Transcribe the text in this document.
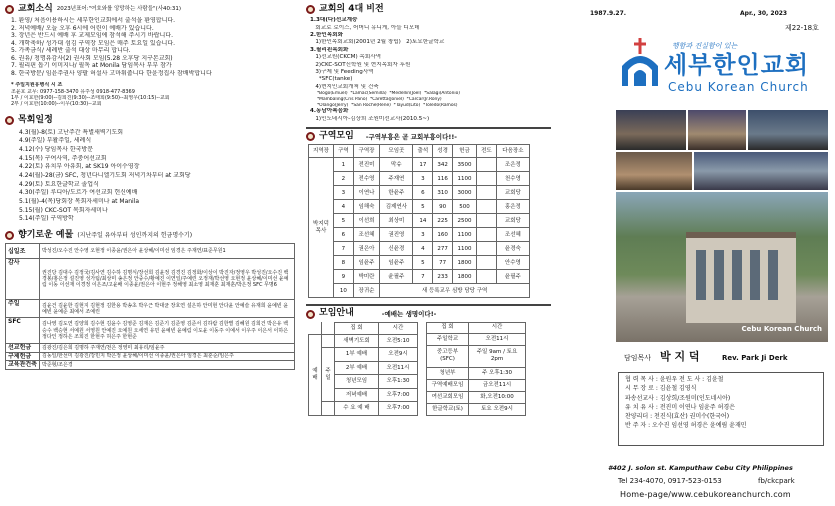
교회소식 2023년표어:"여호와를 앙망하는 사람들"(사40:31)
1. 환영/ 처음이용하시는 세부한인교회에서 출석을 환영합니다.
2. 저녁예배/ 오늘 오후 6시에 어린이 예배가 있습니다.
3. 장년은 반드시 예배 후 교제모임에 참석해 주시기 바랍니다.
4. 개학축하/ 성가대 섬김 구역장 모임은 매주 토요일 있습니다.
5. 가족금식/ 세례반 출석 대상 마무리 합니다.
6. 권유/ 청명유감사(2) 권사회 모임(5.28 오후당 지구본교회)
7. 필리핀 돕기 이미지나/ 필독 at Monila 담임목사 부부 참가
8. 한국방문/ 임윤주권사 양팔 허설사 고마워줍니다 한윤정집사 참배박합니다
* 주일지원유병식 시 조
조윤호 교무: 0977-158-3470 유주성 0918-477-8369
1부 / 이효한(9:00)--김희진(9:30)--조태희(9:50)--최영우(10:15)--교회
2부 / 이효한(10:00)--이우(10:30)--교회
목회일정
4.3(월)-8(토) 고난주간 특별새벽기도회
4.9(주일) 부활주일, 세례식
4.12(수) 당임목사 한국방문
4.15(목) 구여사역, 주중어선교회
4.22(토) 유치부 아유회, at SK19 아이수영장
4.24(월)-28(금) SFC, 청년다니엘기도회 저녁기차부터 at 교회당
4.29(토) 토요한글학교 졸업식
4.30(주일) 루디아/도르가 여선교회 헌신예배
5.1(월)-4(목)당회장 목회자세미나 at Manila
5.15(월) CKC-SOT 목회자세미나
5.14(주일) 구역방학
향기로운 예물 (지난주일 유아부터 성인까지의 헌금명수기)
십일조	박성진/오수진 안수영 오현정 이종윤/권은아 윤상혜/이미선 임경은 주재연/표준무원1
감사	권진당 김대수 김정국/김사연 김수하 김명식/장선희 김윤정 김경진 김정화/이상이 박진자/정영우 박성진/오수진 백경봉/홍은정 설진영 성가팀/최상미 송은정 안중수/황예진 이연일/주예린 오정재/박선영 오현정 윤상혜/이미선 윤예림 이동 이선재 이경정 이은조/고윤배 이종윤/권은아 이현주 정해영 최소영 최재훈 최재훈/박은정 SFC 무명6
주일	김윤건 김윤한 김현지 김현정 김한용 박송초 박우근 박대균 장호연 설은하 안미현 안다윤 안예슬 유재희 윤예빈 윤예빈 윤예준 최예서 조예린
SFC	김나영 김도연 김양희 김수현 김윤수 김영준 김재은 김준기 김준영 김준서 김하람 김한별 김혜원 김희건 박은유 백승수 백승현 서예원 서영원 안예진 오예원 오세연 유민 윤예빈 윤예림 이도윤 이동주 이예서 이우주 이은서 이하은 정다인 정하은 조희진 한현주 허은주 한현준
선교헌금	김광진/김은희 김명하 주재연/천은 정영미 최유리/임윤주
구제헌금	김동일/한선미 김광진/강민지 박은정 윤상혜/이미선 이종윤/권은아 임경은 최훈순/임은주
교육관건축	박준형/조은경
교회의 4대 비전
1.3대(다)선교계승
회교로 로이스, 어머니 유니게, 아들 디모데
2.한인목회화
1)한인목회교회(2001년 2월 창립)   2)토요한글학교
3.필리핀목회화
1)선교원(CKCM) 목회사역
2)CKC-SOT신학원 및 현지목회자 후원
3)구제 및 Feeding사역
*SFC(tanke)
4)현지인교회개척 및 건축
*Bogo(Emuel)  *Lamac(Semilla)  *Medellin(Joel)  *Salagi(Antonio)
*Mambaling(Cris Pano)  *Caretta(Joniel)  *Carcar(Jr.Rony)
*Olango(Jerry)  *San Roche(Rene)  *Tayud(Lito)  *Toledo(Ramos)
4.동남아복음화
1)인도네시아-김상희 조원미선교사(2010.5~)
구역모임 -구역부흥은 곧 교회부흥이다!!-
지역장	구역	구역장	모임곳	출석	성경	헌금	전도	다음장소
박지덕 목사	1	전진미	막슈	17	342	3500		조은정
	2	전수영	주재연	3	116	1100		천수영
	3	이연나	한윤주	6	310	3000		교회당
	4	임해숙	김제연사	5	90	500		홍은정
	5	이선희	최상미	14	225	2500		교회당
	6	조선혜	권진영	3	160	1100		조선혜
	7	권은아	신윤경	4	277	1100		윤경숙
	8	임윤주	임윤주	5	77	1800		안수영
	9	박미란	윤필주	7	233	1800		윤필주
	10	장귀순	새 등록교우 심방 담당 구역					
모임안내	-예배는 생명이다!-
		집 회	시간
예 배		새벽기도회	오전5:10
	주 일	1부 예배	오전9시
		2부 예배	오전11시
		청년모임	오후1:30
		저녁예배	오후7:00
		수 요 예 배	오후7:00
집 회	시간
주일학교	오전11시
중고등부 (SFC)	주일 9am / 토요 2pm
청년부	주 오후1:30
구역예배모임	금오전11시
여선교회모임	화,오전10:00
한글학교(토)	토요 오전9시
1987.9.27.	Apr., 30, 2023
제22-18호
행함과 진실함이 있는
세부한인교회
Cebu Korean Church
Cebu Korean Church
담임목사 박 지 덕	Rev. Park Ji Derk
협 력 목 사 : 윤원우 전 도 사 : 김윤철
시 무 장 로 : 김윤철 김영식
파송선교사 : 김상희/조원미(인도네시아)
유 치 유 사 : 전진미 이연나 임윤주 허경은
찬양리더 : 천진식(효산) 권미수(한국어)
반 주 자 : 오수진 임선영 허경은 윤예림 윤재민
#402 J. solon st. Kamputhaw Cebu City Philippines
Tel 234-4070, 0917-523-0153	fb/ckcpark
Home-page/www.cebukoreanchurch.com
